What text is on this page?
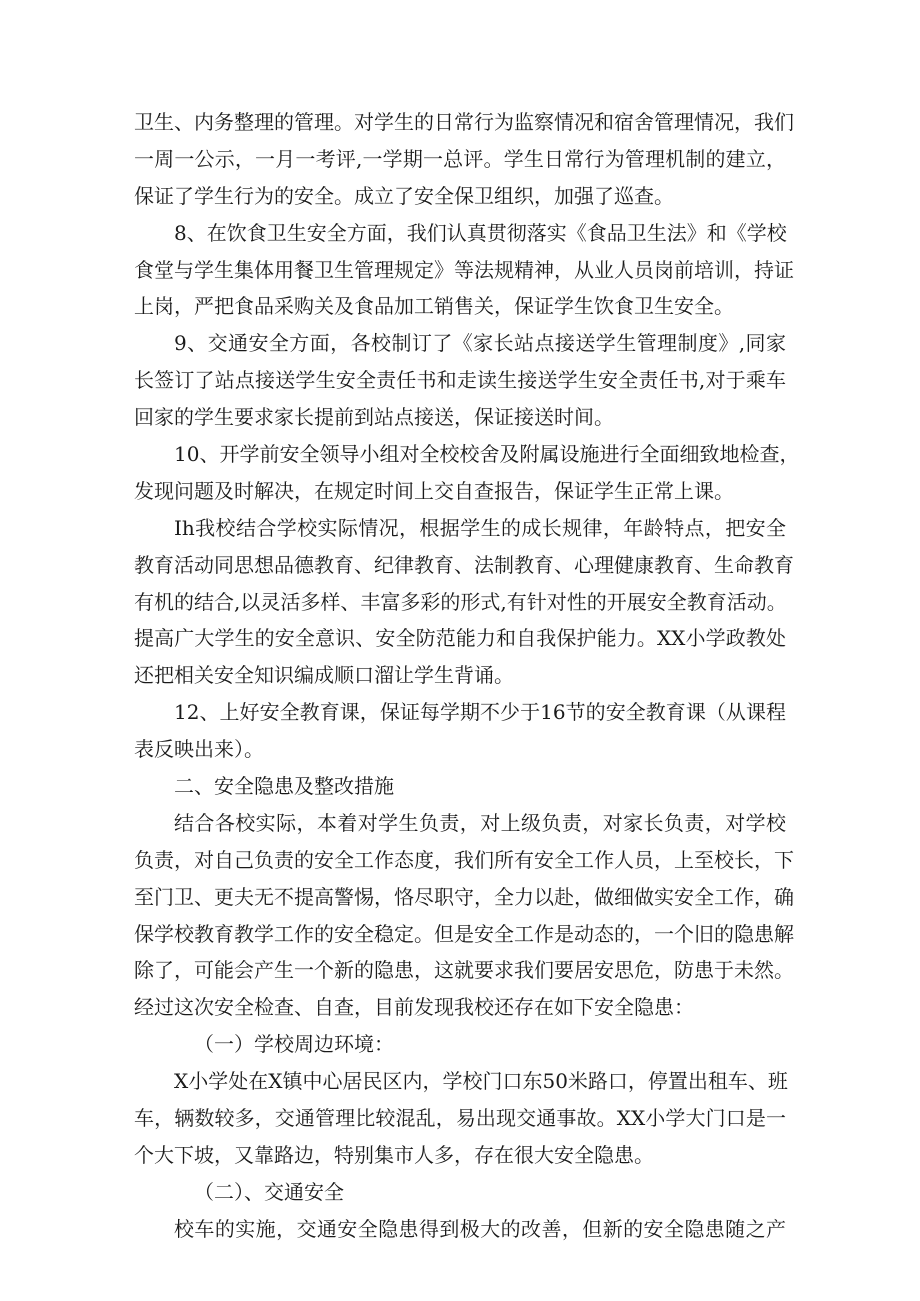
卫生、内务整理的管理。对学生的日常行为监察情况和宿舍管理情况，我们
一周一公示，一月一考评,一学期一总评。学生日常行为管理机制的建立，
保证了学生行为的安全。成立了安全保卫组织，加强了巡查。
8、在饮食卫生安全方面，我们认真贯彻落实《食品卫生法》和《学校
食堂与学生集体用餐卫生管理规定》等法规精神，从业人员岗前培训，持证
上岗，严把食品采购关及食品加工销售关，保证学生饮食卫生安全。
9、交通安全方面，各校制订了《家长站点接送学生管理制度》,同家
长签订了站点接送学生安全责任书和走读生接送学生安全责任书,对于乘车
回家的学生要求家长提前到站点接送，保证接送时间。
10、开学前安全领导小组对全校校舍及附属设施进行全面细致地检查，
发现问题及时解决，在规定时间上交自查报告，保证学生正常上课。
Ih我校结合学校实际情况，根据学生的成长规律，年龄特点，把安全
教育活动同思想品德教育、纪律教育、法制教育、心理健康教育、生命教育
有机的结合,以灵活多样、丰富多彩的形式,有针对性的开展安全教育活动。
提高广大学生的安全意识、安全防范能力和自我保护能力。XX小学政教处
还把相关安全知识编成顺口溜让学生背诵。
12、上好安全教育课，保证每学期不少于16节的安全教育课（从课程
表反映出来）。
二、安全隐患及整改措施
结合各校实际，本着对学生负责，对上级负责，对家长负责，对学校
负责，对自己负责的安全工作态度，我们所有安全工作人员，上至校长，下
至门卫、更夫无不提高警惕，恪尽职守，全力以赴，做细做实安全工作，确
保学校教育教学工作的安全稳定。但是安全工作是动态的，一个旧的隐患解
除了，可能会产生一个新的隐患，这就要求我们要居安思危，防患于未然。
经过这次安全检查、自查，目前发现我校还存在如下安全隐患：
（一）学校周边环境：
X小学处在X镇中心居民区内，学校门口东50米路口，停置出租车、班
车，辆数较多，交通管理比较混乱，易出现交通事故。XX小学大门口是一
个大下坡，又靠路边，特别集市人多，存在很大安全隐患。
（二）、交通安全
校车的实施，交通安全隐患得到极大的改善，但新的安全隐患随之产
